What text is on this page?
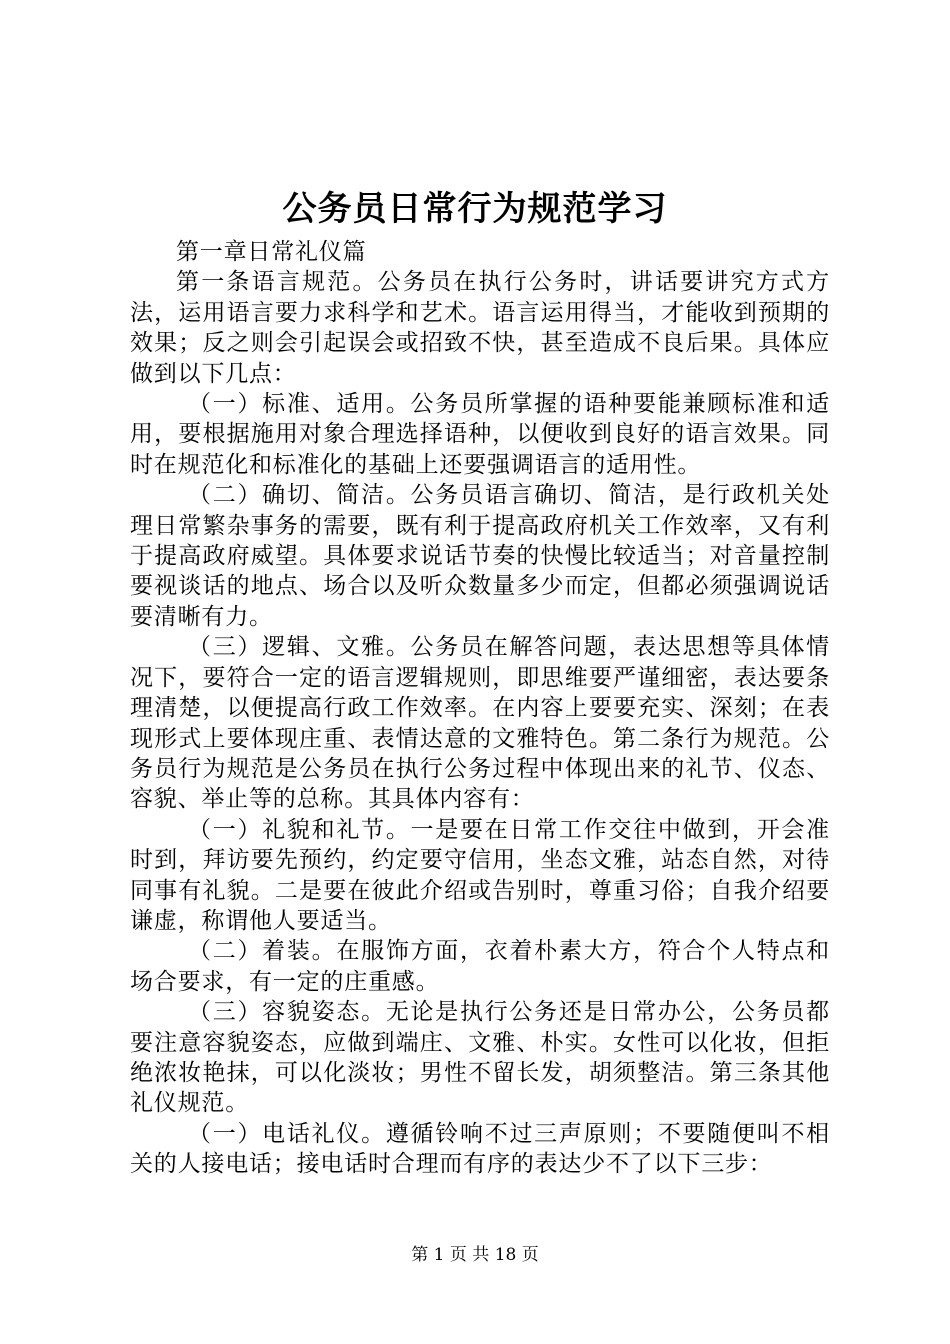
公务员日常行为规范学习

第一章日常礼仪篇

第一条语言规范。公务员在执行公务时，讲话要讲究方式方法，运用语言要力求科学和艺术。语言运用得当，才能收到预期的效果；反之则会引起误会或招致不快，甚至造成不良后果。具体应做到以下几点：

（一）标准、适用。公务员所掌握的语种要能兼顾标准和适用，要根据施用对象合理选择语种，以便收到良好的语言效果。同时在规范化和标准化的基础上还要强调语言的适用性。

（二）确切、简洁。公务员语言确切、简洁，是行政机关处理日常繁杂事务的需要，既有利于提高政府机关工作效率，又有利于提高政府威望。具体要求说话节奏的快慢比较适当；对音量控制要视谈话的地点、场合以及听众数量多少而定，但都必须强调说话要清晰有力。

（三）逻辑、文雅。公务员在解答问题，表达思想等具体情况下，要符合一定的语言逻辑规则，即思维要严谨细密，表达要条理清楚，以便提高行政工作效率。在内容上要要充实、深刻；在表现形式上要体现庄重、表情达意的文雅特色。第二条行为规范。公务员行为规范是公务员在执行公务过程中体现出来的礼节、仪态、容貌、举止等的总称。其具体内容有：

（一）礼貌和礼节。一是要在日常工作交往中做到，开会准时到，拜访要先预约，约定要守信用，坐态文雅，站态自然，对待同事有礼貌。二是要在彼此介绍或告别时，尊重习俗；自我介绍要谦虚，称谓他人要适当。

（二）着装。在服饰方面，衣着朴素大方，符合个人特点和场合要求，有一定的庄重感。

（三）容貌姿态。无论是执行公务还是日常办公，公务员都要注意容貌姿态，应做到端庄、文雅、朴实。女性可以化妆，但拒绝浓妆艳抹，可以化淡妆；男性不留长发，胡须整洁。第三条其他礼仪规范。

（一）电话礼仪。遵循铃响不过三声原则；不要随便叫不相关的人接电话；接电话时合理而有序的表达少不了以下三步：

第 1 页 共 18 页
